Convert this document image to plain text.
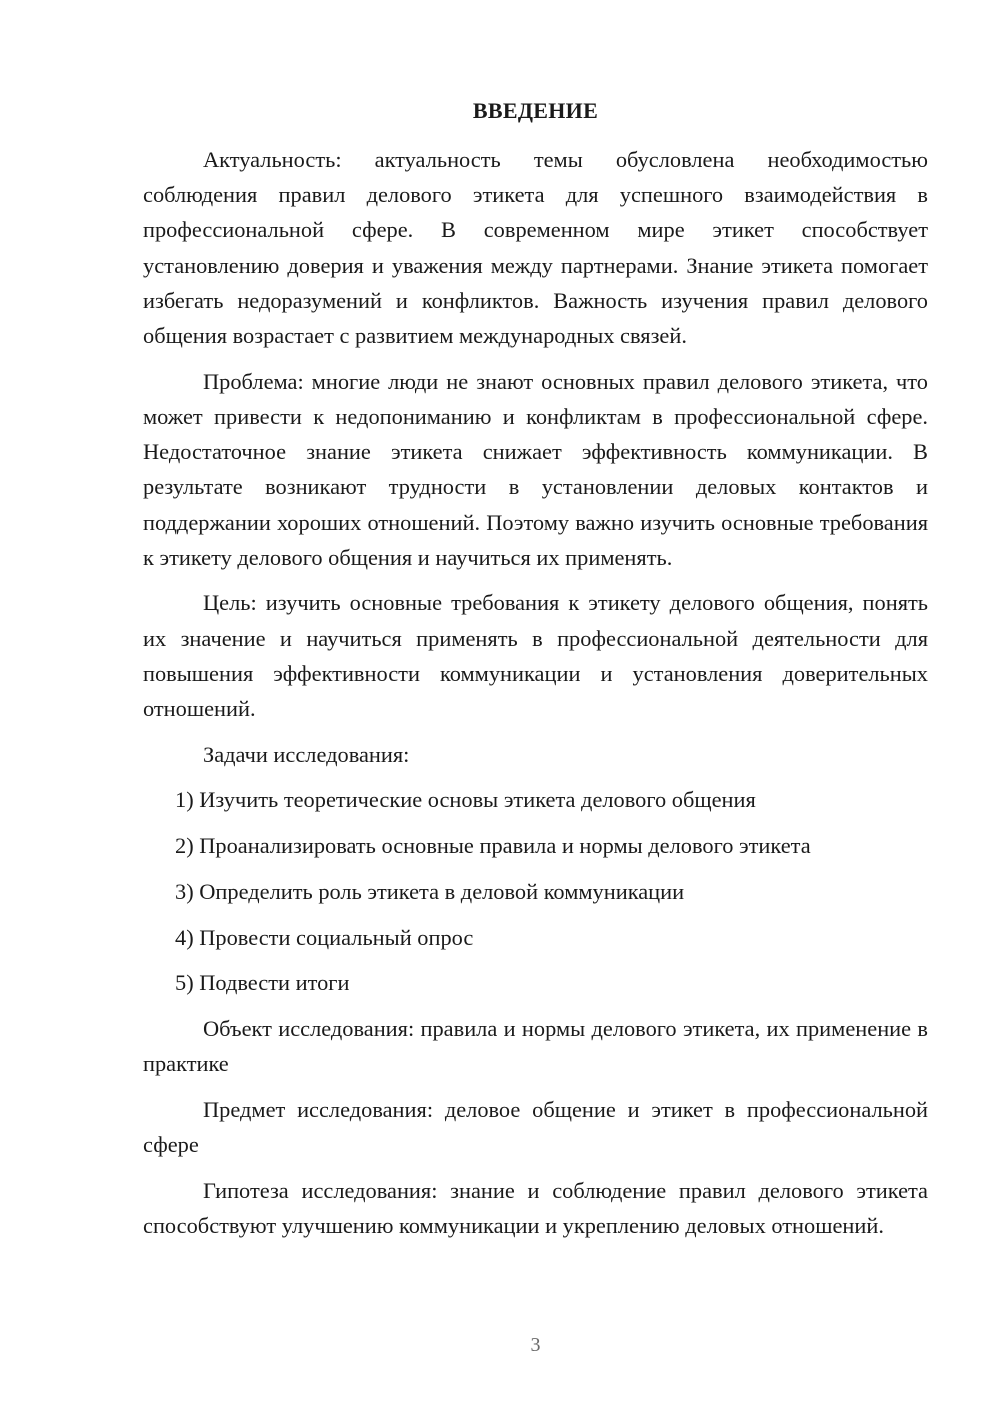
ВВЕДЕНИЕ

Актуальность: актуальность темы обусловлена необходимостью соблюдения правил делового этикета для успешного взаимодействия в профессиональной сфере. В современном мире этикет способствует установлению доверия и уважения между партнерами. Знание этикета помогает избегать недоразумений и конфликтов. Важность изучения правил делового общения возрастает с развитием международных связей.

Проблема: многие люди не знают основных правил делового этикета, что может привести к недопониманию и конфликтам в профессиональной сфере. Недостаточное знание этикета снижает эффективность коммуникации. В результате возникают трудности в установлении деловых контактов и поддержании хороших отношений. Поэтому важно изучить основные требования к этикету делового общения и научиться их применять.

Цель: изучить основные требования к этикету делового общения, понять их значение и научиться применять в профессиональной деятельности для повышения эффективности коммуникации и установления доверительных отношений.

Задачи исследования:

1) Изучить теоретические основы этикета делового общения
2) Проанализировать основные правила и нормы делового этикета
3) Определить роль этикета в деловой коммуникации
4) Провести социальный опрос
5) Подвести итоги

Объект исследования: правила и нормы делового этикета, их применение в практике

Предмет исследования: деловое общение и этикет в профессиональной сфере

Гипотеза исследования: знание и соблюдение правил делового этикета способствуют улучшению коммуникации и укреплению деловых отношений.

3
